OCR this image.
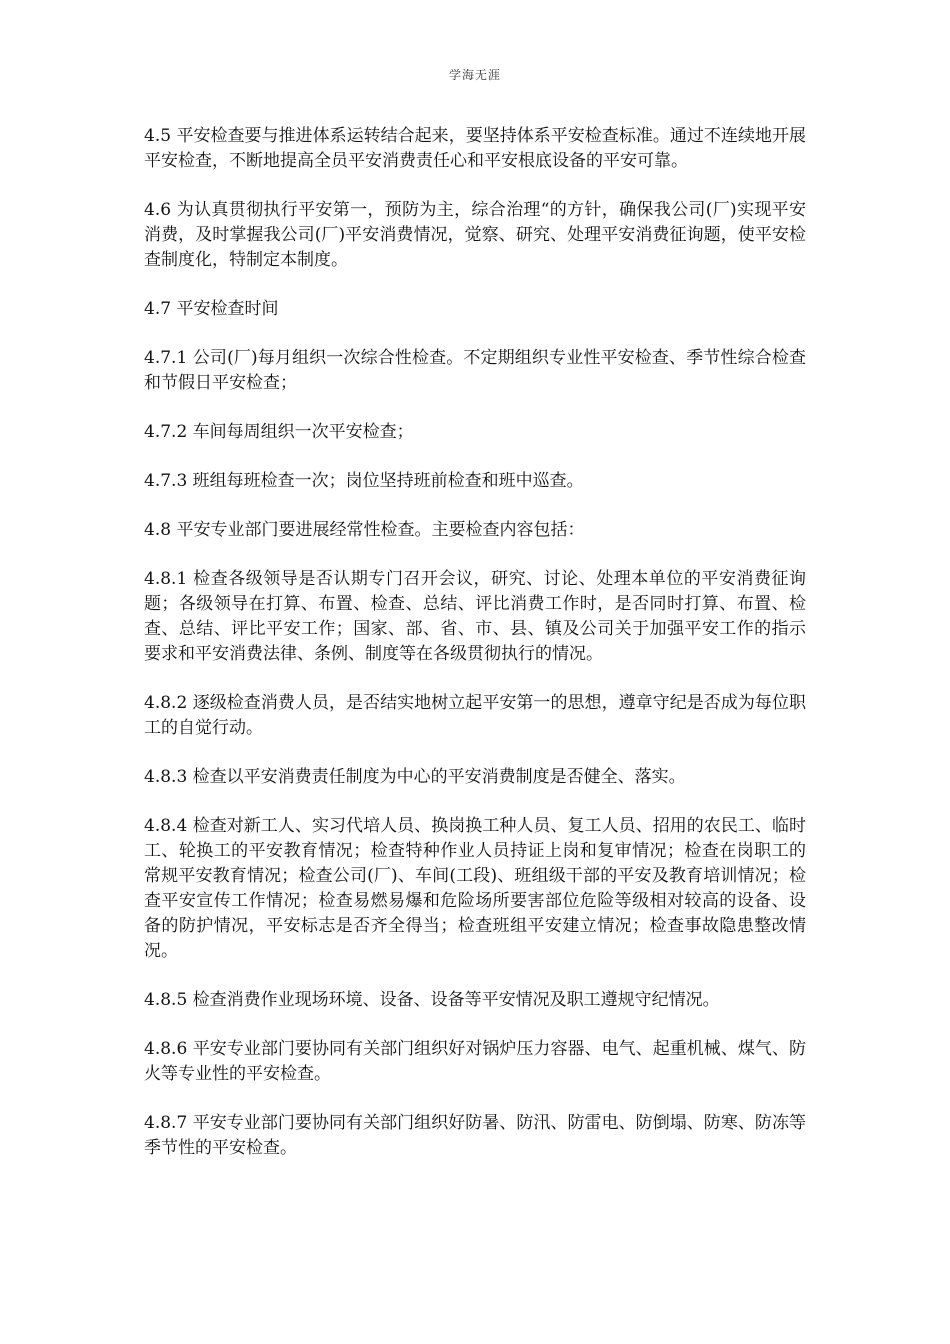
学海无涯

4.5 平安检查要与推进体系运转结合起来，要坚持体系平安检查标准。通过不连续地开展平安检查，不断地提高全员平安消费责任心和平安根底设备的平安可靠。

4.6 为认真贯彻执行平安第一，预防为主，综合治理“的方针，确保我公司(厂)实现平安消费，及时掌握我公司(厂)平安消费情况，觉察、研究、处理平安消费征询题，使平安检查制度化，特制定本制度。

4.7 平安检查时间

4.7.1 公司(厂)每月组织一次综合性检查。不定期组织专业性平安检查、季节性综合检查和节假日平安检查；

4.7.2 车间每周组织一次平安检查；

4.7.3 班组每班检查一次；岗位坚持班前检查和班中巡查。

4.8 平安专业部门要进展经常性检查。主要检查内容包括：

4.8.1 检查各级领导是否认期专门召开会议，研究、讨论、处理本单位的平安消费征询题；各级领导在打算、布置、检查、总结、评比消费工作时，是否同时打算、布置、检查、总结、评比平安工作；国家、部、省、市、县、镇及公司关于加强平安工作的指示要求和平安消费法律、条例、制度等在各级贯彻执行的情况。

4.8.2 逐级检查消费人员，是否结实地树立起平安第一的思想，遵章守纪是否成为每位职工的自觉行动。

4.8.3 检查以平安消费责任制度为中心的平安消费制度是否健全、落实。

4.8.4 检查对新工人、实习代培人员、换岗换工种人员、复工人员、招用的农民工、临时工、轮换工的平安教育情况；检查特种作业人员持证上岗和复审情况；检查在岗职工的常规平安教育情况；检查公司(厂)、车间(工段)、班组级干部的平安及教育培训情况；检查平安宣传工作情况；检查易燃易爆和危险场所要害部位危险等级相对较高的设备、设备的防护情况，平安标志是否齐全得当；检查班组平安建立情况；检查事故隐患整改情况。

4.8.5 检查消费作业现场环境、设备、设备等平安情况及职工遵规守纪情况。

4.8.6 平安专业部门要协同有关部门组织好对锅炉压力容器、电气、起重机械、煤气、防火等专业性的平安检查。

4.8.7 平安专业部门要协同有关部门组织好防暑、防汛、防雷电、防倒塌、防寒、防冻等季节性的平安检查。
